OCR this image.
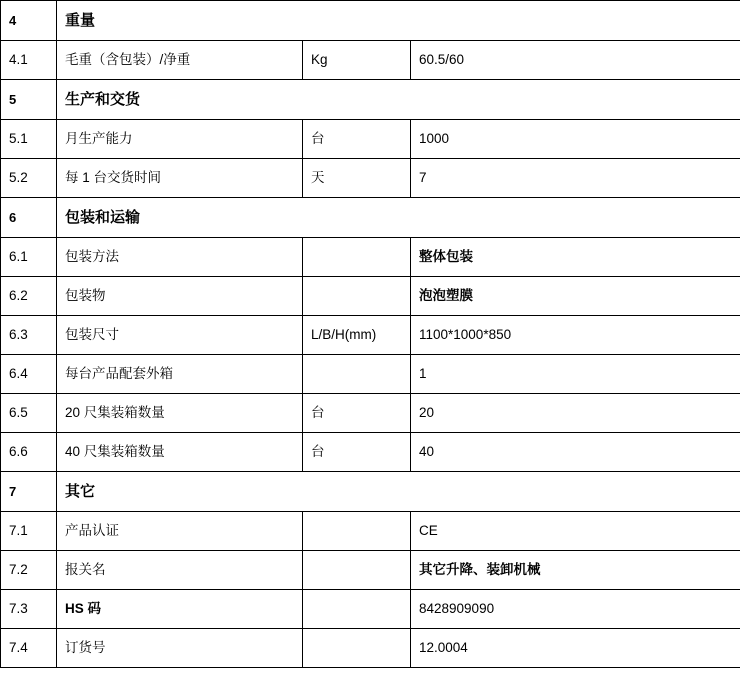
4	重量		
4.1	毛重（含包装）/净重	Kg	60.5/60
5	生产和交货		
5.1	月生产能力	台	1000
5.2	每 1 台交货时间	天	7
6	包装和运输		
6.1	包装方法		整体包装
6.2	包装物		泡泡塑膜
6.3	包装尺寸	L/B/H(mm)	1100*1000*850
6.4	每台产品配套外箱		1
6.5	20 尺集装箱数量	台	20
6.6	40 尺集装箱数量	台	40
7	其它		
7.1	产品认证		CE
7.2	报关名		其它升降、装卸机械
7.3	HS 码		8428909090
7.4	订货号		12.0004
